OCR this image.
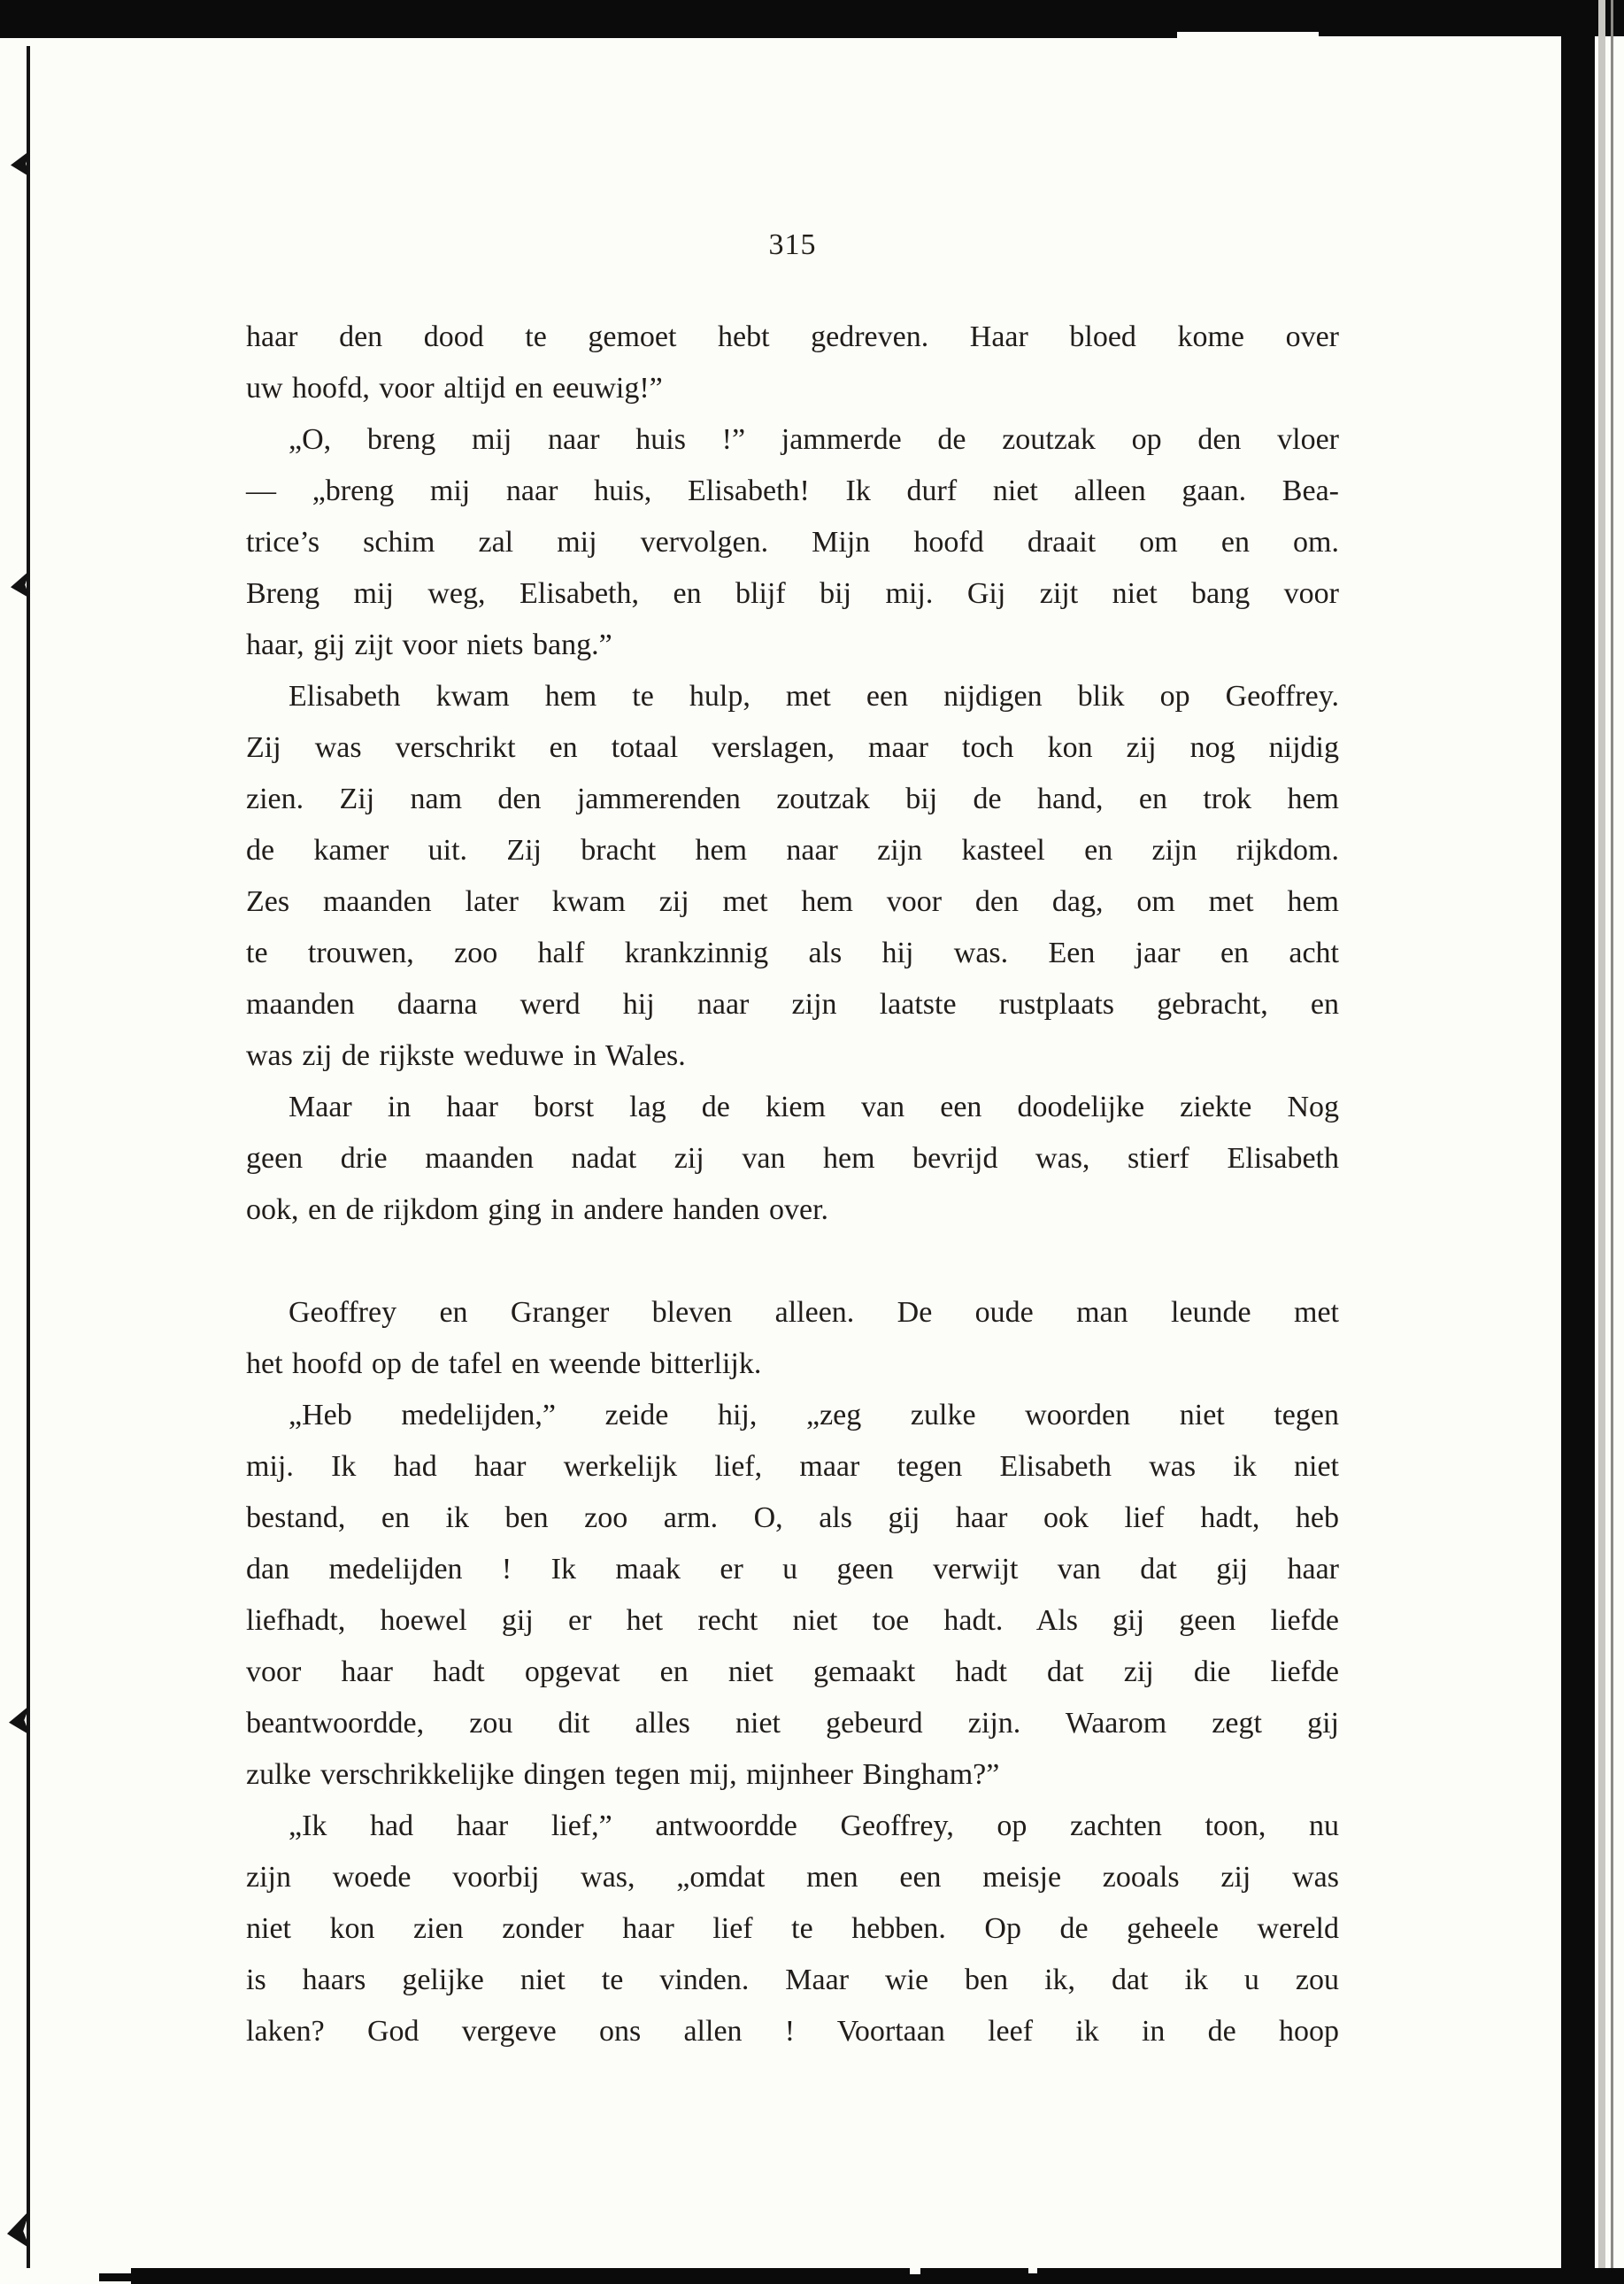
315
haar den dood te gemoet hebt gedreven. Haar bloed kome over
uw hoofd, voor altijd en eeuwig!”
„O, breng mij naar huis !” jammerde de zoutzak op den vloer
— „breng mij naar huis, Elisabeth! Ik durf niet alleen gaan. Bea-
trice’s schim zal mij vervolgen. Mijn hoofd draait om en om.
Breng mij weg, Elisabeth, en blijf bij mij. Gij zijt niet bang voor
haar, gij zijt voor niets bang.”
Elisabeth kwam hem te hulp, met een nijdigen blik op Geoffrey.
Zij was verschrikt en totaal verslagen, maar toch kon zij nog nijdig
zien. Zij nam den jammerenden zoutzak bij de hand, en trok hem
de kamer uit. Zij bracht hem naar zijn kasteel en zijn rijkdom.
Zes maanden later kwam zij met hem voor den dag, om met hem
te trouwen, zoo half krankzinnig als hij was. Een jaar en acht
maanden daarna werd hij naar zijn laatste rustplaats gebracht, en
was zij de rijkste weduwe in Wales.
Maar in haar borst lag de kiem van een doodelijke ziekte Nog
geen drie maanden nadat zij van hem bevrijd was, stierf Elisabeth
ook, en de rijkdom ging in andere handen over.
Geoffrey en Granger bleven alleen. De oude man leunde met
het hoofd op de tafel en weende bitterlijk.
„Heb medelijden,” zeide hij, „zeg zulke woorden niet tegen
mij. Ik had haar werkelijk lief, maar tegen Elisabeth was ik niet
bestand, en ik ben zoo arm. O, als gij haar ook lief hadt, heb
dan medelijden ! Ik maak er u geen verwijt van dat gij haar
liefhadt, hoewel gij er het recht niet toe hadt. Als gij geen liefde
voor haar hadt opgevat en niet gemaakt hadt dat zij die liefde
beantwoordde, zou dit alles niet gebeurd zijn. Waarom zegt gij
zulke verschrikkelijke dingen tegen mij, mijnheer Bingham?”
„Ik had haar lief,” antwoordde Geoffrey, op zachten toon, nu
zijn woede voorbij was, „omdat men een meisje zooals zij was
niet kon zien zonder haar lief te hebben. Op de geheele wereld
is haars gelijke niet te vinden. Maar wie ben ik, dat ik u zou
laken? God vergeve ons allen ! Voortaan leef ik in de hoop
